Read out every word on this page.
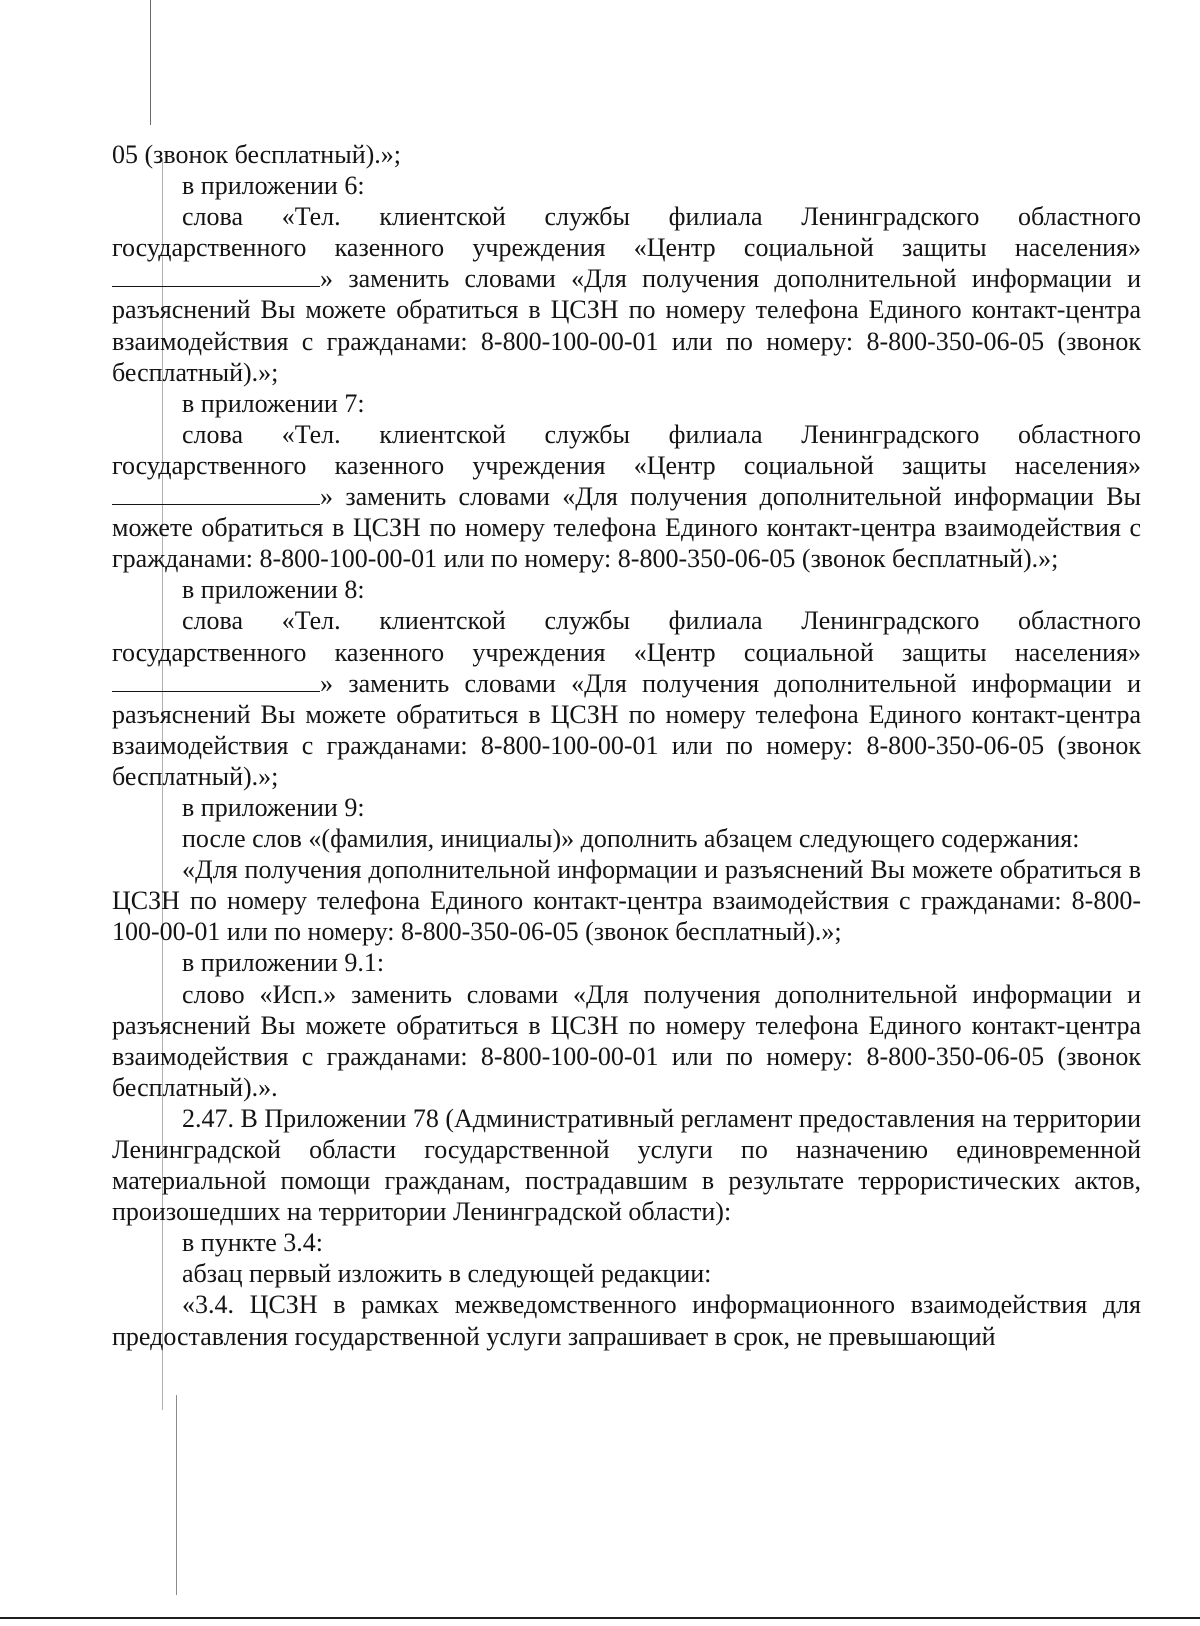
05 (звонок бесплатный).»;

в приложении 6:

слова «Тел. клиентской службы филиала Ленинградского областного государственного казенного учреждения «Центр социальной защиты населения» » заменить словами «Для получения дополнительной информации и разъяснений Вы можете обратиться в ЦСЗН по номеру телефона Единого контакт-центра взаимодействия с гражданами: 8-800-100-00-01 или по номеру: 8-800-350-06-05 (звонок бесплатный).»;

в приложении 7:

слова «Тел. клиентской службы филиала Ленинградского областного государственного казенного учреждения «Центр социальной защиты населения» » заменить словами «Для получения дополнительной информации Вы можете обратиться в ЦСЗН по номеру телефона Единого контакт-центра взаимодействия с гражданами: 8-800-100-00-01 или по номеру: 8-800-350-06-05 (звонок бесплатный).»;

в приложении 8:

слова «Тел. клиентской службы филиала Ленинградского областного государственного казенного учреждения «Центр социальной защиты населения» » заменить словами «Для получения дополнительной информации и разъяснений Вы можете обратиться в ЦСЗН по номеру телефона Единого контакт-центра взаимодействия с гражданами: 8-800-100-00-01 или по номеру: 8-800-350-06-05 (звонок бесплатный).»;

в приложении 9:

после слов «(фамилия, инициалы)» дополнить абзацем следующего содержания:

«Для получения дополнительной информации и разъяснений Вы можете обратиться в ЦСЗН по номеру телефона Единого контакт-центра взаимодействия с гражданами: 8-800-100-00-01 или по номеру: 8-800-350-06-05 (звонок бесплатный).»;

в приложении 9.1:

слово «Исп.» заменить словами «Для получения дополнительной информации и разъяснений Вы можете обратиться в ЦСЗН по номеру телефона Единого контакт-центра взаимодействия с гражданами: 8-800-100-00-01 или по номеру: 8-800-350-06-05 (звонок бесплатный).».

2.47. В Приложении 78 (Административный регламент предоставления на территории Ленинградской области государственной услуги по назначению единовременной материальной помощи гражданам, пострадавшим в результате террористических актов, произошедших на территории Ленинградской области):

в пункте 3.4:

абзац первый изложить в следующей редакции:

«3.4. ЦСЗН в рамках межведомственного информационного взаимодействия для предоставления государственной услуги запрашивает в срок, не превышающий
